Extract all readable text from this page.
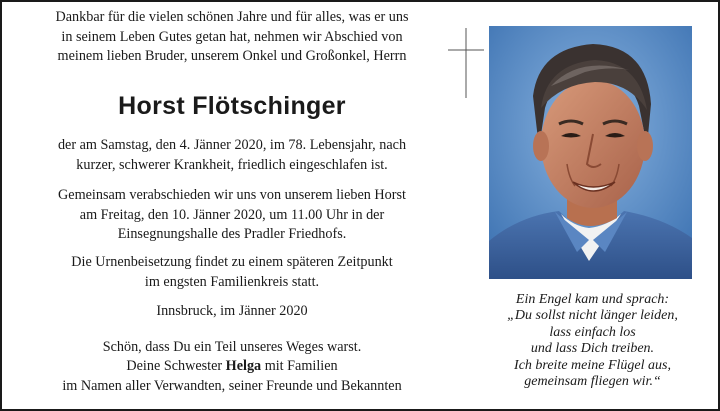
Dankbar für die vielen schönen Jahre und für alles, was er uns
in seinem Leben Gutes getan hat, nehmen wir Abschied von
meinem lieben Bruder, unserem Onkel und Großonkel, Herrn

Horst Flötschinger

der am Samstag, den 4. Jänner 2020, im 78. Lebensjahr, nach
kurzer, schwerer Krankheit, friedlich eingeschlafen ist.

Gemeinsam verabschieden wir uns von unserem lieben Horst
am Freitag, den 10. Jänner 2020, um 11.00 Uhr in der
Einsegnungshalle des Pradler Friedhofs.

Die Urnenbeisetzung findet zu einem späteren Zeitpunkt
im engsten Familienkreis statt.

Innsbruck, im Jänner 2020

Schön, dass Du ein Teil unseres Weges warst.

Deine Schwester Helga mit Familien
im Namen aller Verwandten, seiner Freunde und Bekannten

Ein Engel kam und sprach:
„Du sollst nicht länger leiden,
lass einfach los
und lass Dich treiben.
Ich breite meine Flügel aus,
gemeinsam fliegen wir.“
